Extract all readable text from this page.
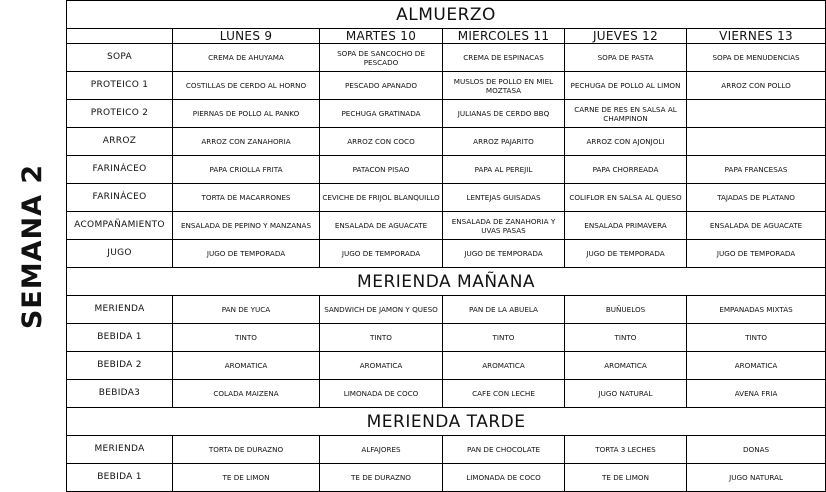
SEMANA 2
ALMUERZO					
	LUNES 9	MARTES 10	MIERCOLES 11	JUEVES 12	VIERNES 13
SOPA	CREMA DE AHUYAMA	SOPA DE SANCOCHO DE PESCADO	CREMA DE ESPINACAS	SOPA DE PASTA	SOPA DE MENUDENCIAS
PROTEICO 1	COSTILLAS DE CERDO AL HORNO	PESCADO APANADO	MUSLOS DE POLLO EN MIEL MOZTASA	PECHUGA DE POLLO AL LIMON	ARROZ CON POLLO
PROTEICO 2	PIERNAS DE POLLO AL PANKO	PECHUGA GRATINADA	JULIANAS DE CERDO BBQ	CARNE DE RES EN SALSA AL CHAMPINON	
ARROZ	ARROZ CON ZANAHORIA	ARROZ CON COCO	ARROZ PAJARITO	ARROZ CON AJONJOLI	
FARINÁCEO	PAPA CRIOLLA FRITA	PATACON PISAO	PAPA AL PEREJIL	PAPA CHORREADA	PAPA FRANCESAS
FARINÁCEO	TORTA DE MACARRONES	CEVICHE DE FRIJOL BLANQUILLO	LENTEJAS GUISADAS	COLIFLOR EN SALSA AL QUESO	TAJADAS DE PLATANO
ACOMPAÑAMIENTO	ENSALADA DE PEPINO Y MANZANAS	ENSALADA DE AGUACATE	ENSALADA DE ZANAHORIA Y UVAS PASAS	ENSALADA PRIMAVERA	ENSALADA DE AGUACATE
JUGO	JUGO DE TEMPORADA	JUGO DE TEMPORADA	JUGO DE TEMPORADA	JUGO DE TEMPORADA	JUGO DE TEMPORADA
MERIENDA MAÑANA					
MERIENDA	PAN DE YUCA	SANDWICH DE JAMON Y QUESO	PAN DE LA ABUELA	BUÑUELOS	EMPANADAS MIXTAS
BEBIDA 1	TINTO	TINTO	TINTO	TINTO	TINTO
BEBIDA 2	AROMATICA	AROMATICA	AROMATICA	AROMATICA	AROMATICA
BEBIDA3	COLADA MAIZENA	LIMONADA DE COCO	CAFE CON LECHE	JUGO NATURAL	AVENA FRIA
MERIENDA TARDE					
MERIENDA	TORTA DE DURAZNO	ALFAJORES	PAN DE CHOCOLATE	TORTA 3 LECHES	DONAS
BEBIDA 1	TE DE LIMON	TE DE DURAZNO	LIMONADA DE COCO	TE DE LIMON	JUGO NATURAL
